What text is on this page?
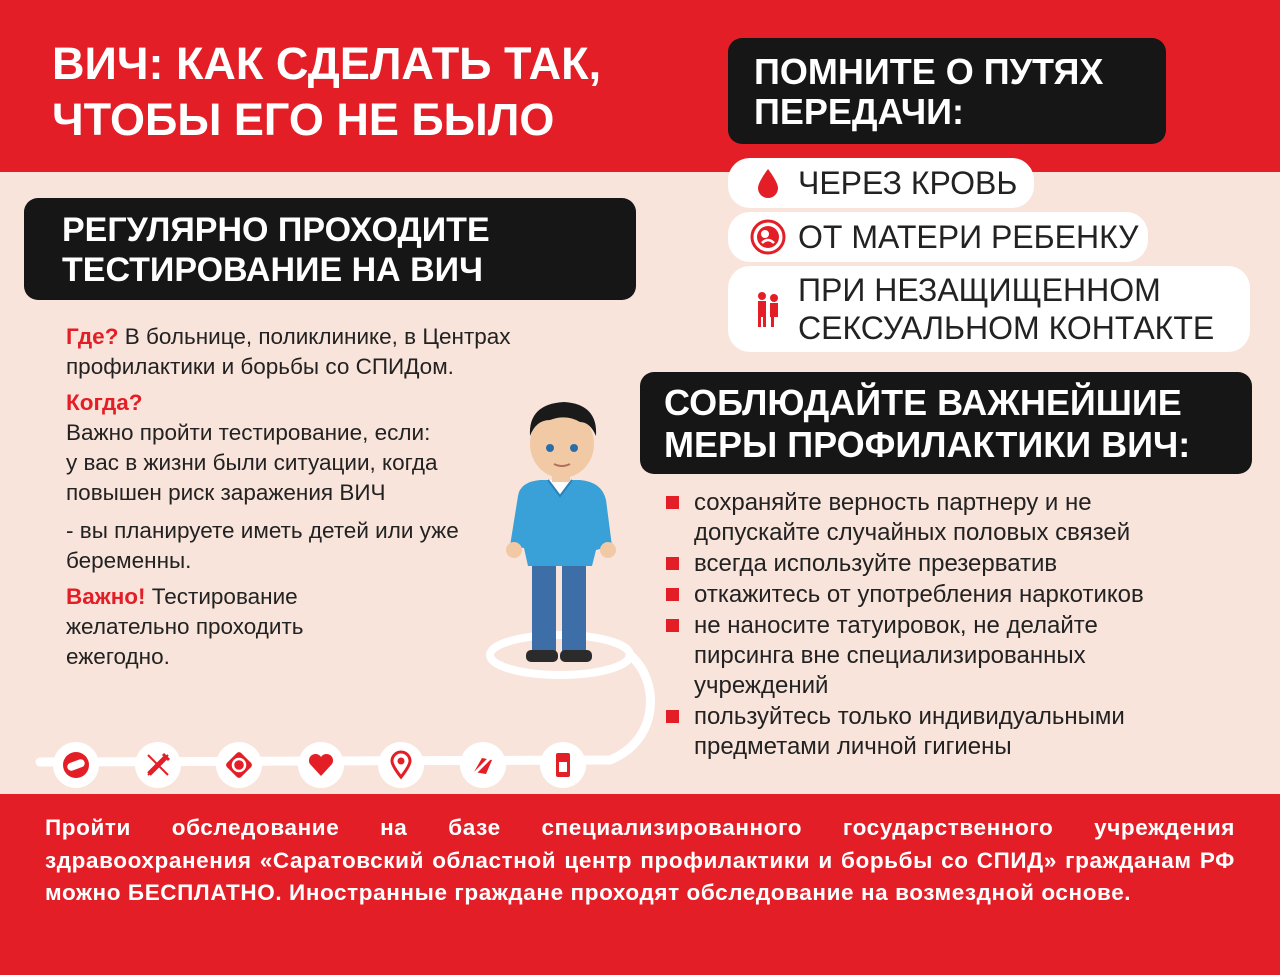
ВИЧ: КАК СДЕЛАТЬ ТАК,
ЧТОБЫ ЕГО НЕ БЫЛО
ПОМНИТЕ О ПУТЯХ
ПЕРЕДАЧИ:
ЧЕРЕЗ КРОВЬ
ОТ МАТЕРИ РЕБЕНКУ
ПРИ НЕЗАЩИЩЕННОМ
СЕКСУАЛЬНОМ КОНТАКТЕ
РЕГУЛЯРНО ПРОХОДИТЕ
ТЕСТИРОВАНИЕ НА ВИЧ

Где? В больнице, поликлинике, в Центрах профилактики и борьбы со СПИДом.

Когда?

Важно пройти тестирование, если:

у вас в жизни были ситуации, когда повышен риск заражения ВИЧ

- вы планируете иметь детей или уже беременны.

Важно! Тестирование желательно проходить ежегодно.

СОБЛЮДАЙТЕ ВАЖНЕЙШИЕ
МЕРЫ ПРОФИЛАКТИКИ ВИЧ:
сохраняйте верность партнеру и не допускайте случайных половых связей
всегда используйте презерватив
откажитесь от употребления наркотиков
не наносите татуировок, не делайте пирсинга вне специализированных учреждений
пользуйтесь только индивидуальными предметами личной гигиены
Пройти обследование на базе специализированного государственного учреждения здравоохранения «Саратовский областной центр профилактики и борьбы со СПИД» гражданам РФ можно БЕСПЛАТНО. Иностранные граждане проходят обследование на возмездной основе.
